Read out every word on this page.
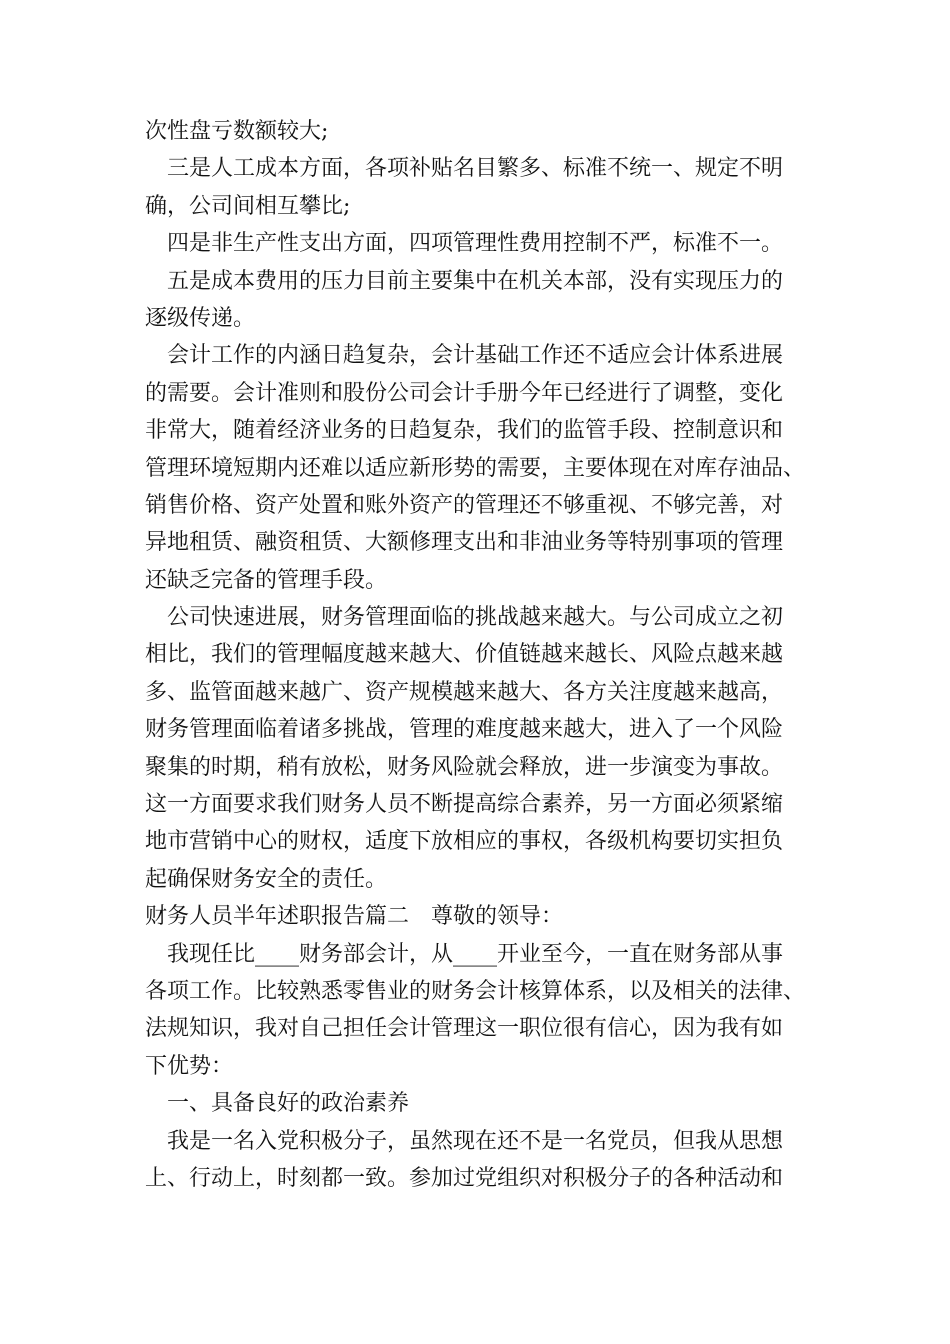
次性盘亏数额较大;
三是人工成本方面，各项补贴名目繁多、标准不统一、规定不明
确，公司间相互攀比;
四是非生产性支出方面，四项管理性费用控制不严，标准不一。
五是成本费用的压力目前主要集中在机关本部，没有实现压力的
逐级传递。
会计工作的内涵日趋复杂，会计基础工作还不适应会计体系进展
的需要。会计准则和股份公司会计手册今年已经进行了调整，变化
非常大，随着经济业务的日趋复杂，我们的监管手段、控制意识和
管理环境短期内还难以适应新形势的需要，主要体现在对库存油品、
销售价格、资产处置和账外资产的管理还不够重视、不够完善，对
异地租赁、融资租赁、大额修理支出和非油业务等特别事项的管理
还缺乏完备的管理手段。
公司快速进展，财务管理面临的挑战越来越大。与公司成立之初
相比，我们的管理幅度越来越大、价值链越来越长、风险点越来越
多、监管面越来越广、资产规模越来越大、各方关注度越来越高，
财务管理面临着诸多挑战，管理的难度越来越大，进入了一个风险
聚集的时期，稍有放松，财务风险就会释放，进一步演变为事故。
这一方面要求我们财务人员不断提高综合素养，另一方面必须紧缩
地市营销中心的财权，适度下放相应的事权，各级机构要切实担负
起确保财务安全的责任。
财务人员半年述职报告篇二　尊敬的领导：
我现任比____财务部会计，从____开业至今，一直在财务部从事
各项工作。比较熟悉零售业的财务会计核算体系，以及相关的法律、
法规知识，我对自己担任会计管理这一职位很有信心，因为我有如
下优势：
一、具备良好的政治素养
我是一名入党积极分子，虽然现在还不是一名党员，但我从思想
上、行动上，时刻都一致。参加过党组织对积极分子的各种活动和
